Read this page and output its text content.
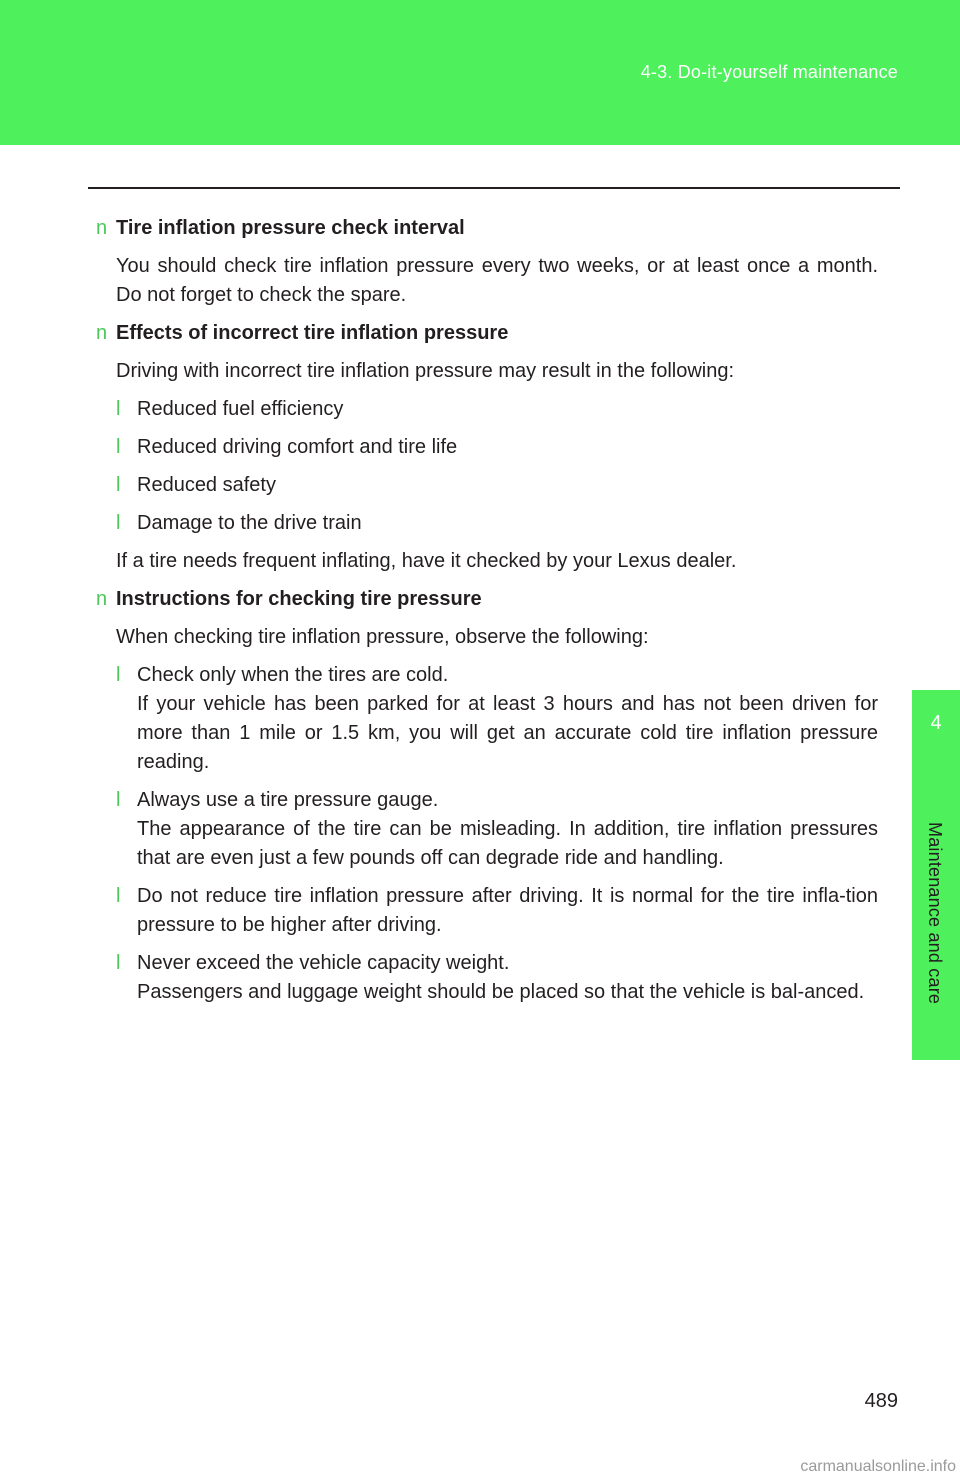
4-3. Do-it-yourself maintenance
4
Maintenance and care
n Tire inflation pressure check interval
You should check tire inflation pressure every two weeks, or at least once a month. Do not forget to check the spare.
n Effects of incorrect tire inflation pressure
Driving with incorrect tire inflation pressure may result in the following:
l Reduced fuel efficiency
l Reduced driving comfort and tire life
l Reduced safety
l Damage to the drive train
If a tire needs frequent inflating, have it checked by your Lexus dealer.
n Instructions for checking tire pressure
When checking tire inflation pressure, observe the following:
l Check only when the tires are cold.
If your vehicle has been parked for at least 3 hours and has not been driven for more than 1 mile or 1.5 km, you will get an accurate cold tire inflation pressure reading.
l Always use a tire pressure gauge.
The appearance of the tire can be misleading. In addition, tire inflation pressures that are even just a few pounds off can degrade ride and handling.
l Do not reduce tire inflation pressure after driving. It is normal for the tire infla-tion pressure to be higher after driving.
l Never exceed the vehicle capacity weight.
Passengers and luggage weight should be placed so that the vehicle is bal-anced.
489
carmanualsonline.info
